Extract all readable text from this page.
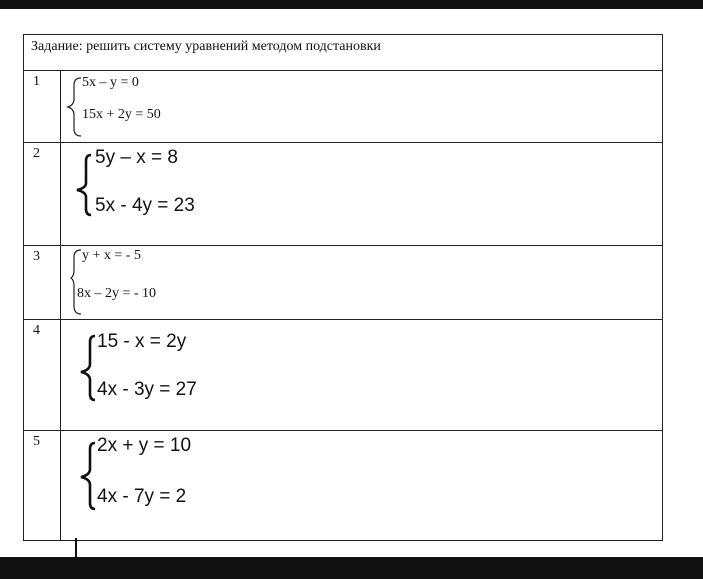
Задание: решить систему уравнений методом подстановки	
1	5x – y = 0
15x + 2y = 50

2	5y – x = 8
5x - 4y = 23

3	y + x = - 5
8x – 2y = - 10

4	15 - x = 2y
4x - 3y = 27

5	2x + y = 10
4x - 7y = 2
